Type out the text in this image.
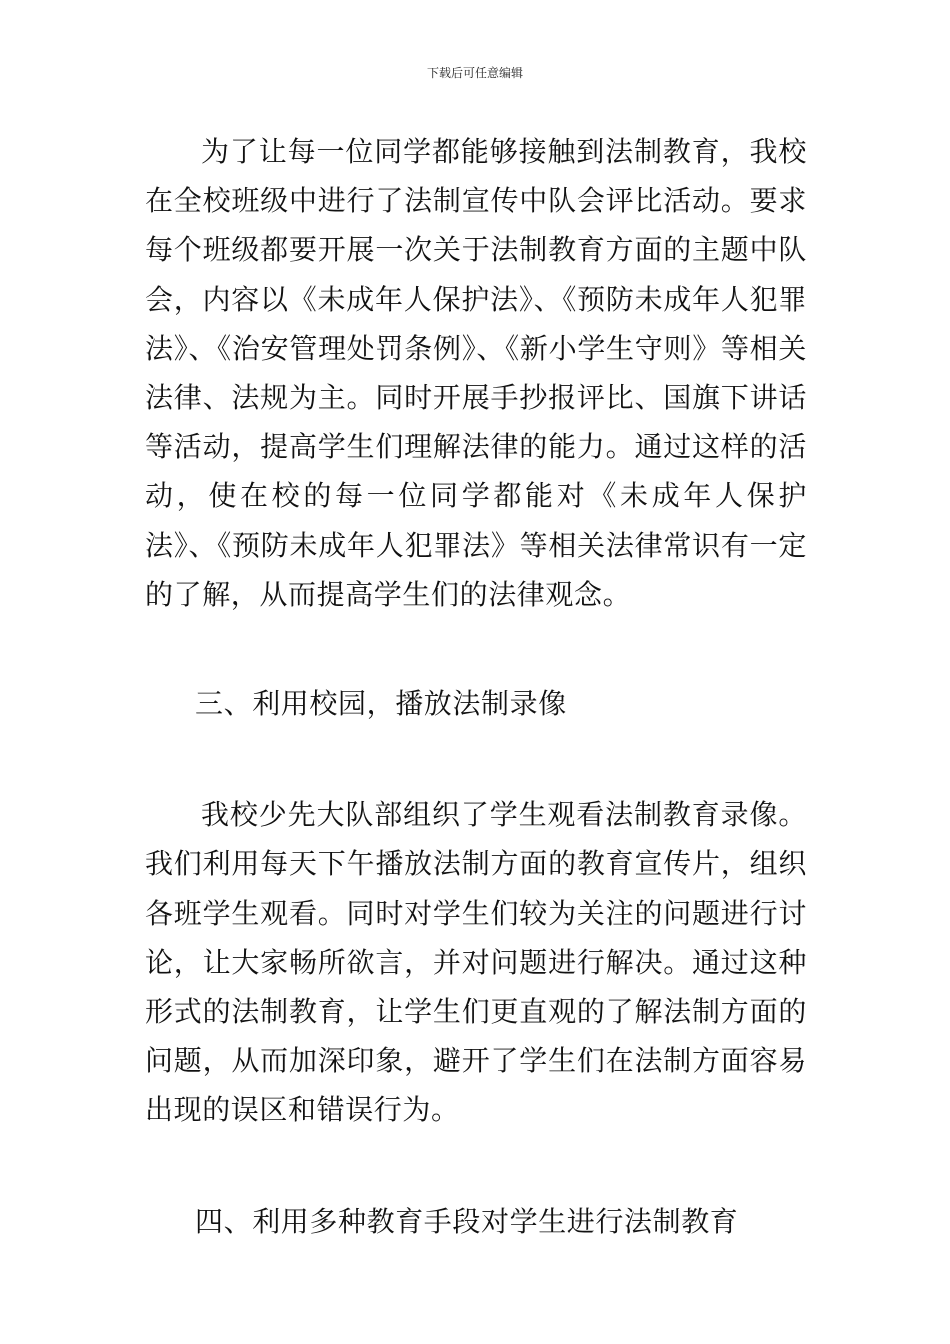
下载后可任意编辑

为了让每一位同学都能够接触到法制教育，我校在全校班级中进行了法制宣传中队会评比活动。要求每个班级都要开展一次关于法制教育方面的主题中队会，内容以《未成年人保护法》、《预防未成年人犯罪法》、《治安管理处罚条例》、《新小学生守则》等相关法律、法规为主。同时开展手抄报评比、国旗下讲话等活动，提高学生们理解法律的能力。通过这样的活动，使在校的每一位同学都能对《未成年人保护法》、《预防未成年人犯罪法》等相关法律常识有一定的了解，从而提高学生们的法律观念。

三、利用校园，播放法制录像

我校少先大队部组织了学生观看法制教育录像。我们利用每天下午播放法制方面的教育宣传片，组织各班学生观看。同时对学生们较为关注的问题进行讨论，让大家畅所欲言，并对问题进行解决。通过这种形式的法制教育，让学生们更直观的了解法制方面的问题，从而加深印象，避开了学生们在法制方面容易出现的误区和错误行为。

四、利用多种教育手段对学生进行法制教育
